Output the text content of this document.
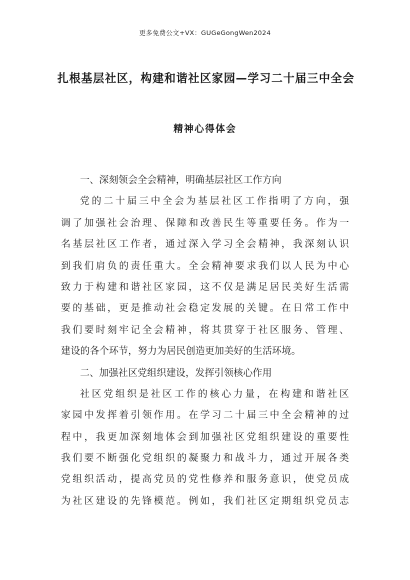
更多免费公文+VX：GUGeGongWen2024
扎根基层社区，构建和谐社区家园—学习二十届三中全会
精神心得体会
一、深刻领会全会精神，明确基层社区工作方向
党的二十届三中全会为基层社区工作指明了方向，强
调了加强社会治理、保障和改善民生等重要任务。作为一
名基层社区工作者，通过深入学习全会精神，我深刻认识
到我们肩负的责任重大。全会精神要求我们以人民为中心
致力于构建和谐社区家园，这不仅是满足居民美好生活需
要的基础，更是推动社会稳定发展的关键。在日常工作中
我们要时刻牢记全会精神，将其贯穿于社区服务、管理、
建设的各个环节，努力为居民创造更加美好的生活环境。
二、加强社区党组织建设，发挥引领核心作用
社区党组织是社区工作的核心力量，在构建和谐社区
家园中发挥着引领作用。在学习二十届三中全会精神的过
程中，我更加深刻地体会到加强社区党组织建设的重要性
我们要不断强化党组织的凝聚力和战斗力，通过开展各类
党组织活动，提高党员的党性修养和服务意识，使党员成
为社区建设的先锋模范。例如，我们社区定期组织党员志
